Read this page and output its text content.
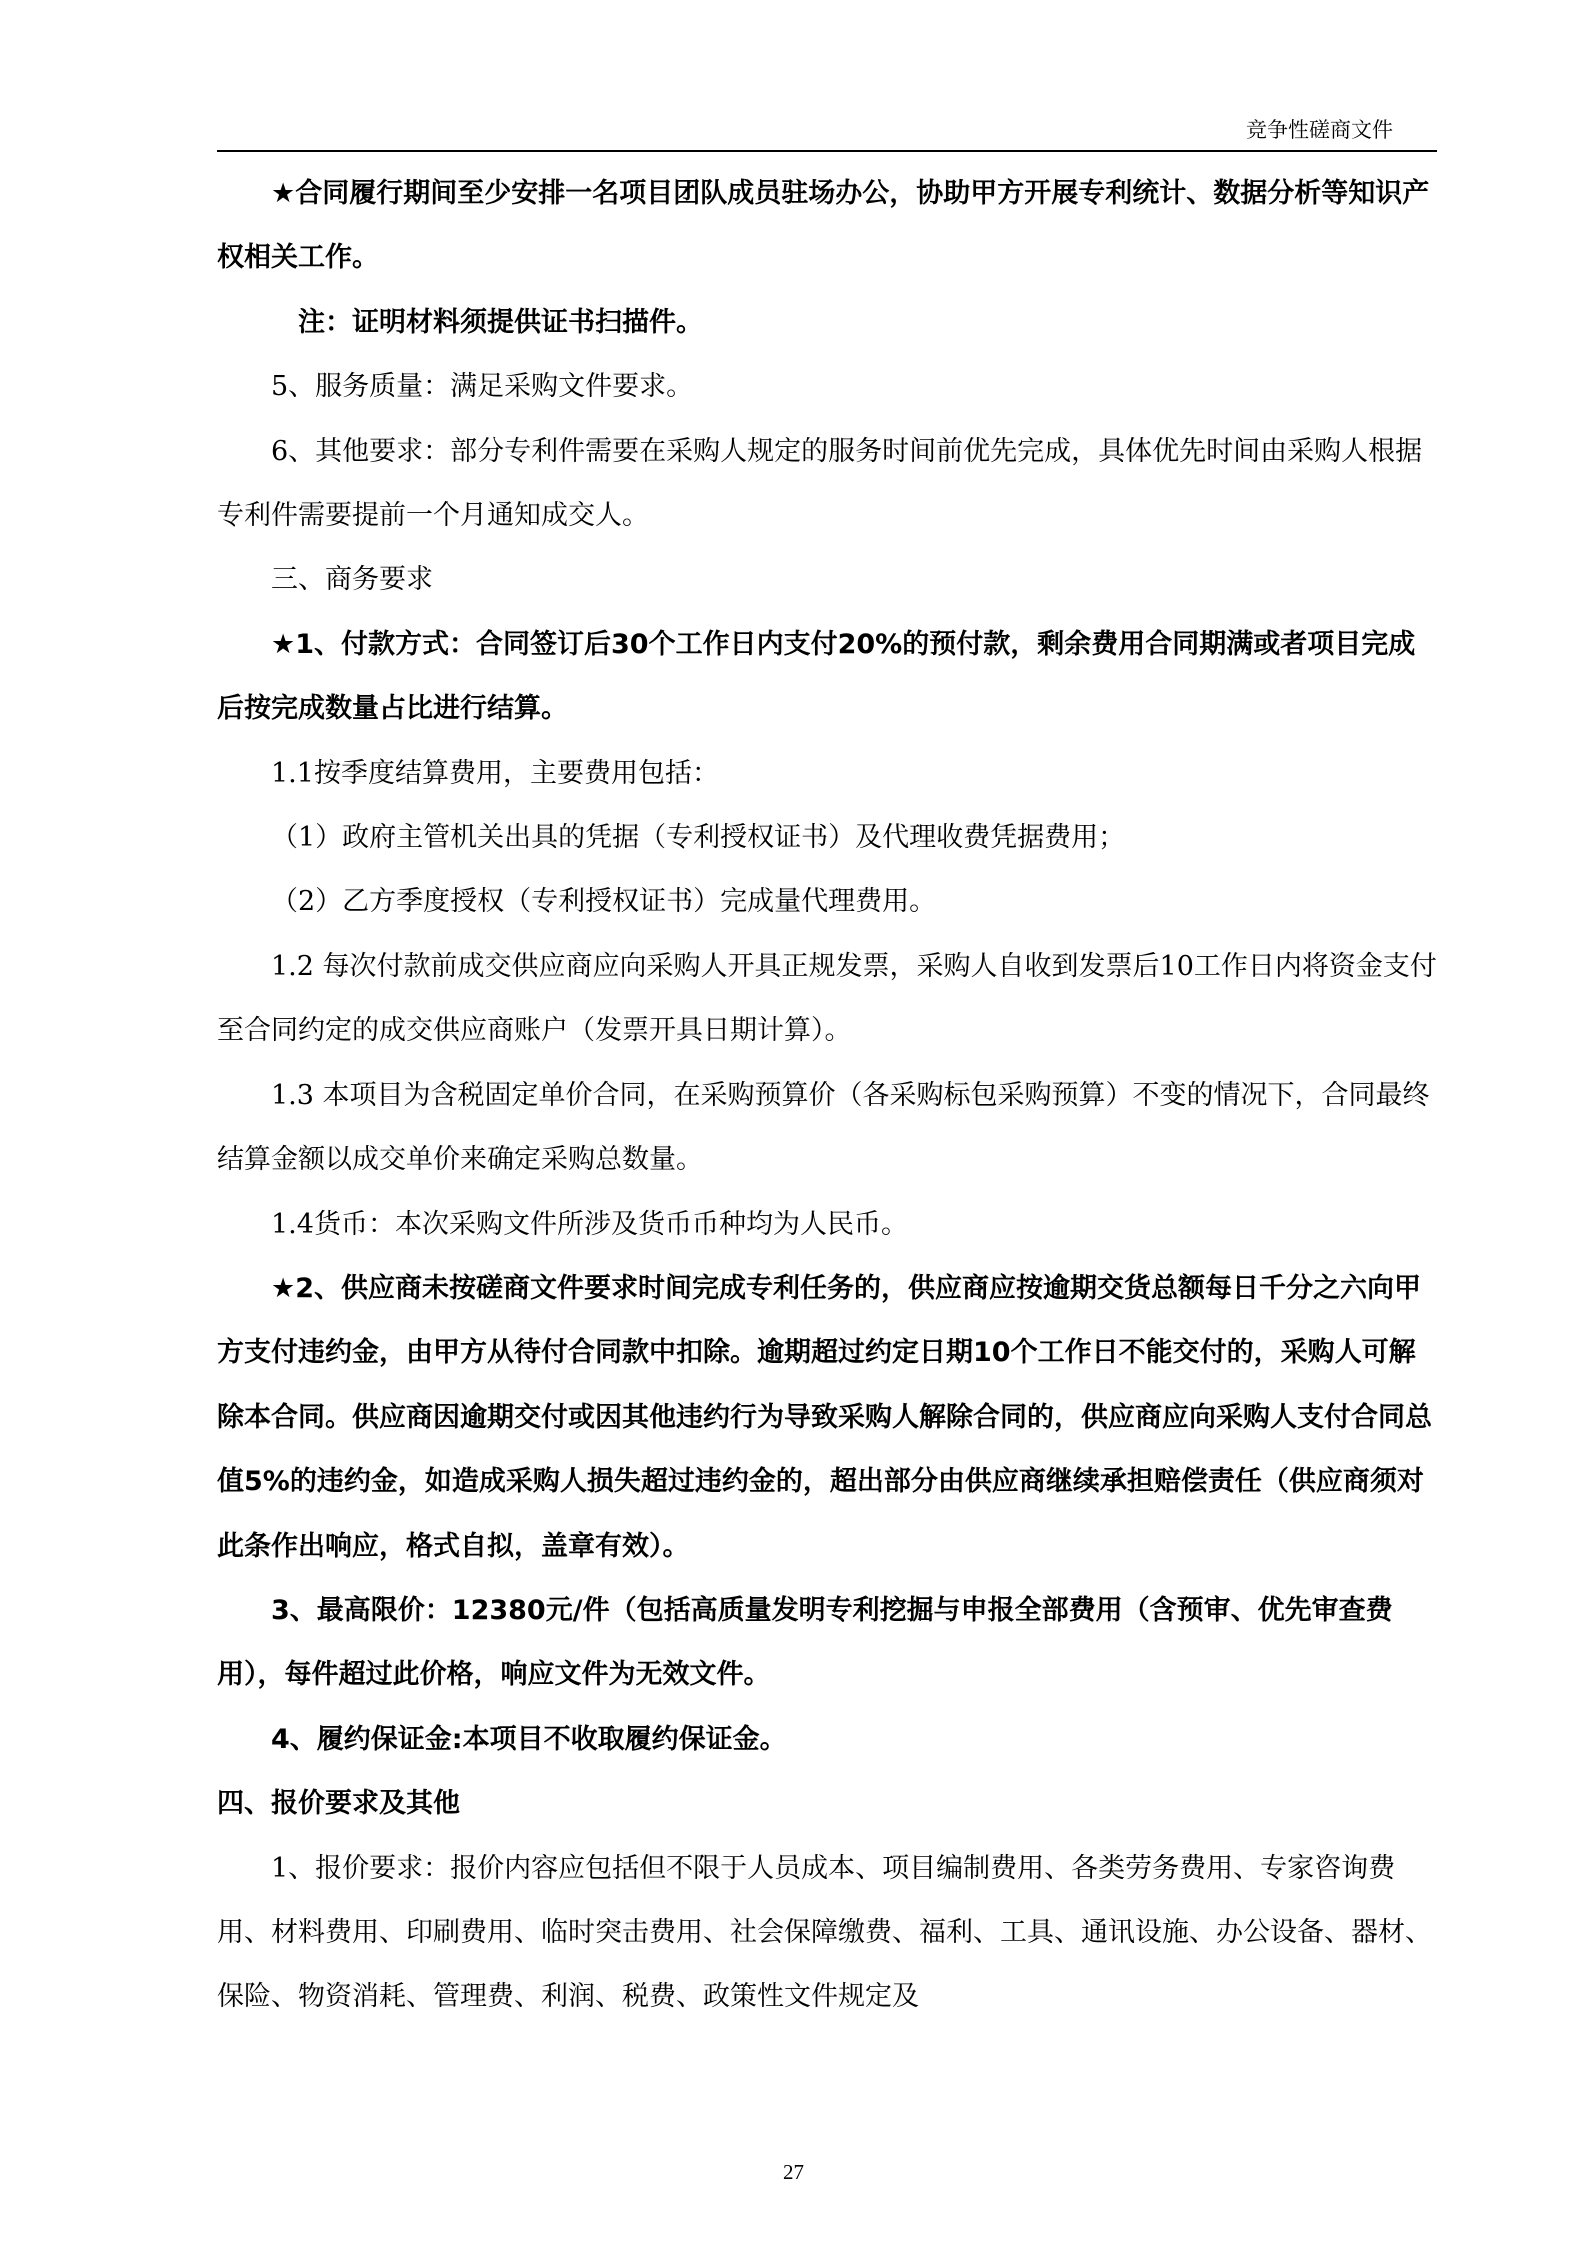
竞争性磋商文件

★合同履行期间至少安排一名项目团队成员驻场办公，协助甲方开展专利统计、数据分析等知识产权相关工作。

注：证明材料须提供证书扫描件。

5、服务质量：满足采购文件要求。

6、其他要求：部分专利件需要在采购人规定的服务时间前优先完成，具体优先时间由采购人根据专利件需要提前一个月通知成交人。

三、商务要求

★1、付款方式：合同签订后30个工作日内支付20%的预付款，剩余费用合同期满或者项目完成后按完成数量占比进行结算。

1.1按季度结算费用，主要费用包括：

（1）政府主管机关出具的凭据（专利授权证书）及代理收费凭据费用；

（2）乙方季度授权（专利授权证书）完成量代理费用。

1.2 每次付款前成交供应商应向采购人开具正规发票，采购人自收到发票后10工作日内将资金支付至合同约定的成交供应商账户（发票开具日期计算）。

1.3 本项目为含税固定单价合同，在采购预算价（各采购标包采购预算）不变的情况下，合同最终结算金额以成交单价来确定采购总数量。

1.4货币：本次采购文件所涉及货币币种均为人民币。

★2、供应商未按磋商文件要求时间完成专利任务的，供应商应按逾期交货总额每日千分之六向甲方支付违约金，由甲方从待付合同款中扣除。逾期超过约定日期10个工作日不能交付的，采购人可解除本合同。供应商因逾期交付或因其他违约行为导致采购人解除合同的，供应商应向采购人支付合同总值5%的违约金，如造成采购人损失超过违约金的，超出部分由供应商继续承担赔偿责任（供应商须对此条作出响应，格式自拟，盖章有效）。

3、最高限价：12380元/件（包括高质量发明专利挖掘与申报全部费用（含预审、优先审查费用），每件超过此价格，响应文件为无效文件。

4、履约保证金:本项目不收取履约保证金。

四、报价要求及其他

1、报价要求：报价内容应包括但不限于人员成本、项目编制费用、各类劳务费用、专家咨询费用、材料费用、印刷费用、临时突击费用、社会保障缴费、福利、工具、通讯设施、办公设备、器材、保险、物资消耗、管理费、利润、税费、政策性文件规定及

27
